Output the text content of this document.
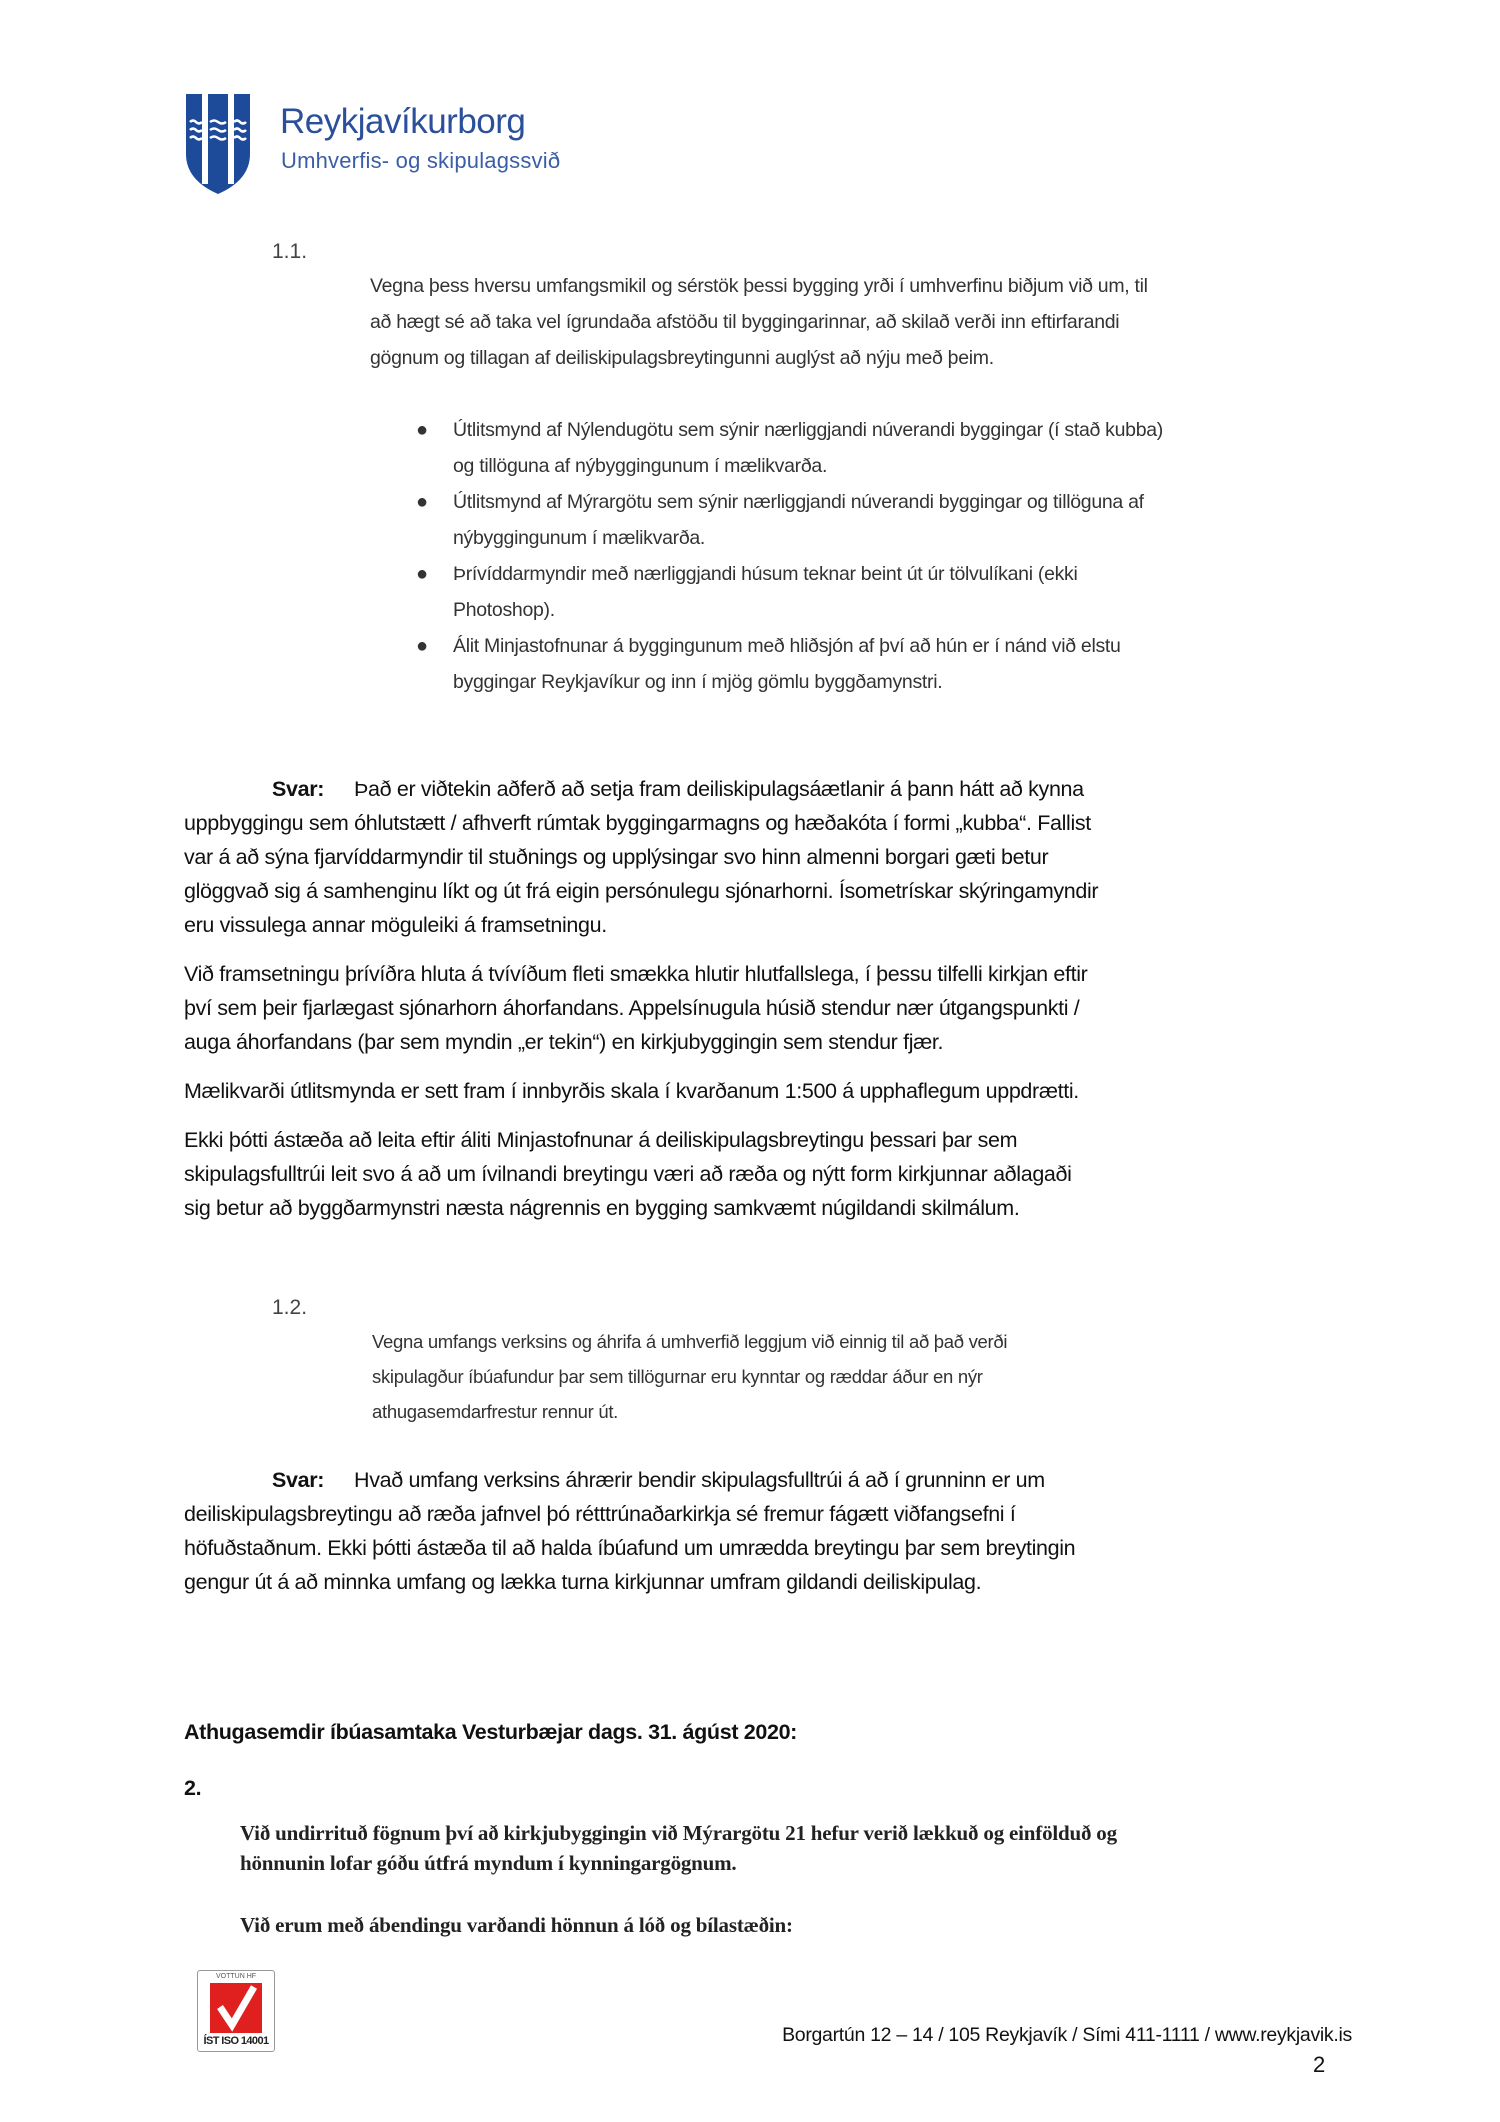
Reykjavíkurborg
Umhverfis- og skipulagssvið
1.1.
Vegna þess hversu umfangsmikil og sérstök þessi bygging yrði í umhverfinu biðjum við um, til
að hægt sé að taka vel ígrundaða afstöðu til byggingarinnar, að skilað verði inn eftirfarandi
gögnum og tillagan af deiliskipulagsbreytingunni auglýst að nýju með þeim.
● Útlitsmynd af Nýlendugötu sem sýnir nærliggjandi núverandi byggingar (í stað kubba)
og tillöguna af nýbyggingunum í mælikvarða.
● Útlitsmynd af Mýrargötu sem sýnir nærliggjandi núverandi byggingar og tillöguna af
nýbyggingunum í mælikvarða.
● Þrívíddarmyndir með nærliggjandi húsum teknar beint út úr tölvulíkani (ekki
Photoshop).
● Álit Minjastofnunar á byggingunum með hliðsjón af því að hún er í nánd við elstu
byggingar Reykjavíkur og inn í mjög gömlu byggðamynstri.
Svar: Það er viðtekin aðferð að setja fram deiliskipulagsáætlanir á þann hátt að kynna
uppbyggingu sem óhlutstætt / afhverft rúmtak byggingarmagns og hæðakóta í formi „kubba“. Fallist
var á að sýna fjarvíddarmyndir til stuðnings og upplýsingar svo hinn almenni borgari gæti betur
glöggvað sig á samhenginu líkt og út frá eigin persónulegu sjónarhorni. Ísometrískar skýringamyndir
eru vissulega annar möguleiki á framsetningu.
Við framsetningu þrívíðra hluta á tvívíðum fleti smækka hlutir hlutfallslega, í þessu tilfelli kirkjan eftir
því sem þeir fjarlægast sjónarhorn áhorfandans. Appelsínugula húsið stendur nær útgangspunkti /
auga áhorfandans (þar sem myndin „er tekin“) en kirkjubyggingin sem stendur fjær.
Mælikvarði útlitsmynda er sett fram í innbyrðis skala í kvarðanum 1:500 á upphaflegum uppdrætti.
Ekki þótti ástæða að leita eftir áliti Minjastofnunar á deiliskipulagsbreytingu þessari þar sem
skipulagsfulltrúi leit svo á að um ívilnandi breytingu væri að ræða og nýtt form kirkjunnar aðlagaði
sig betur að byggðarmynstri næsta nágrennis en bygging samkvæmt núgildandi skilmálum.
1.2.
Vegna umfangs verksins og áhrifa á umhverfið leggjum við einnig til að það verði
skipulagður íbúafundur þar sem tillögurnar eru kynntar og ræddar áður en nýr
athugasemdarfrestur rennur út.
Svar: Hvað umfang verksins áhrærir bendir skipulagsfulltrúi á að í grunninn er um
deiliskipulagsbreytingu að ræða jafnvel þó rétttrúnaðarkirkja sé fremur fágætt viðfangsefni í
höfuðstaðnum. Ekki þótti ástæða til að halda íbúafund um umrædda breytingu þar sem breytingin
gengur út á að minnka umfang og lækka turna kirkjunnar umfram gildandi deiliskipulag.
Athugasemdir íbúasamtaka Vesturbæjar dags. 31. ágúst 2020:
2.
Við undirrituð fögnum því að kirkjubyggingin við Mýrargötu 21 hefur verið lækkuð og einfölduð og
hönnunin lofar góðu útfrá myndum í kynningargögnum.
Við erum með ábendingu varðandi hönnun á lóð og bílastæðin:
VOTTUN HF
ÍST ISO 14001	Borgartún 12 – 14 / 105 Reykjavík / Sími 411-1111 / www.reykjavik.is
2
